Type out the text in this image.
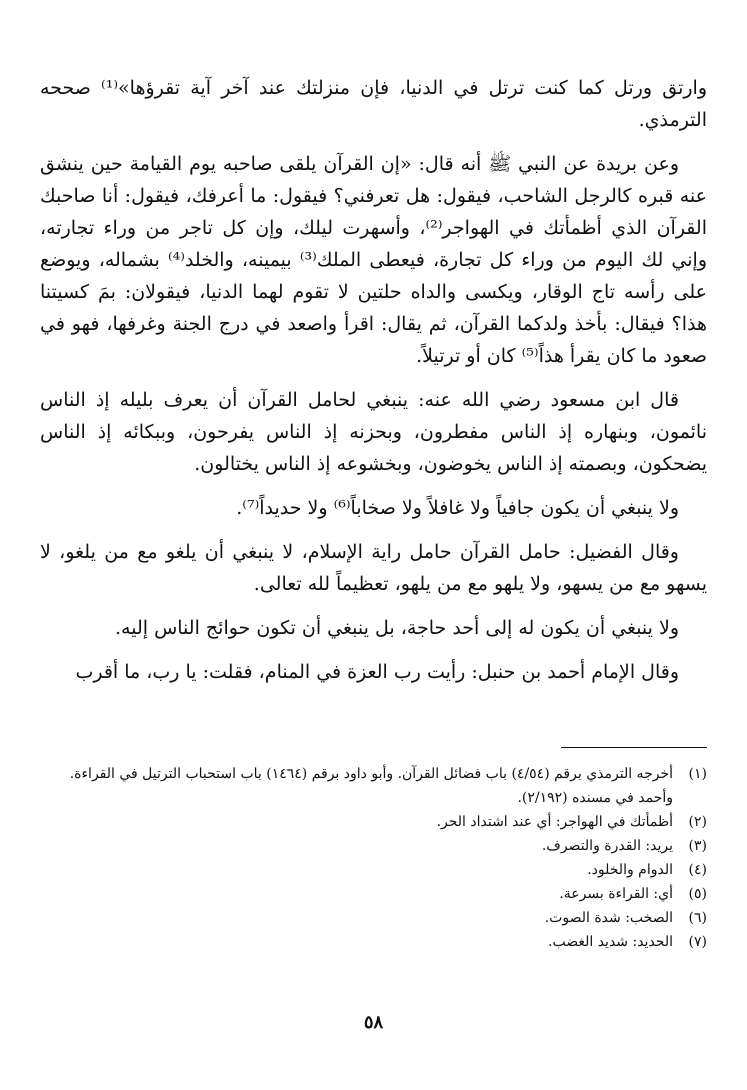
وارتق ورتل كما كنت ترتل في الدنيا، فإن منزلتك عند آخر آية تقرؤها»⁽¹⁾ صححه الترمذي.

وعن بريدة عن النبي ﷺ أنه قال: «إن القرآن يلقى صاحبه يوم القيامة حين ينشق عنه قبره كالرجل الشاحب، فيقول: هل تعرفني؟ فيقول: ما أعرفك، فيقول: أنا صاحبك القرآن الذي أظمأتك في الهواجر⁽²⁾، وأسهرت ليلك، وإن كل تاجر من وراء تجارته، وإني لك اليوم من وراء كل تجارة، فيعطى الملك⁽³⁾ بيمينه، والخلد⁽⁴⁾ بشماله، ويوضع على رأسه تاج الوقار، ويكسى والداه حلتين لا تقوم لهما الدنيا، فيقولان: بمَ كسيتنا هذا؟ فيقال: بأخذ ولدكما القرآن، ثم يقال: اقرأ واصعد في درج الجنة وغرفها، فهو في صعود ما كان يقرأ هذاً⁽⁵⁾ كان أو ترتيلاً.

قال ابن مسعود رضي الله عنه: ينبغي لحامل القرآن أن يعرف بليله إذ الناس نائمون، وبنهاره إذ الناس مفطرون، وبحزنه إذ الناس يفرحون، وببكائه إذ الناس يضحكون، وبصمته إذ الناس يخوضون، وبخشوعه إذ الناس يختالون.

ولا ينبغي أن يكون جافياً ولا غافلاً ولا صخاباً⁽⁶⁾ ولا حديداً⁽⁷⁾.

وقال الفضيل: حامل القرآن حامل راية الإسلام، لا ينبغي أن يلغو مع من يلغو، لا يسهو مع من يسهو، ولا يلهو مع من يلهو، تعظيماً لله تعالى.

ولا ينبغي أن يكون له إلى أحد حاجة، بل ينبغي أن تكون حوائج الناس إليه.

وقال الإمام أحمد بن حنبل: رأيت رب العزة في المنام، فقلت: يا رب، ما أقرب

(١)
أخرجه الترمذي برقم (٤/٥٤) باب فضائل القرآن. وأبو داود برقم (١٤٦٤) باب استحباب الترتيل في القراءة. وأحمد في مسنده (٢/١٩٢).
(٢)
أظمأتك في الهواجر: أي عند اشتداد الحر.
(٣)
يريد: القدرة والتصرف.
(٤)
الدوام والخلود.
(٥)
أي: القراءة بسرعة.
(٦)
الصخب: شدة الصوت.
(٧)
الحديد: شديد الغضب.
٥٨
